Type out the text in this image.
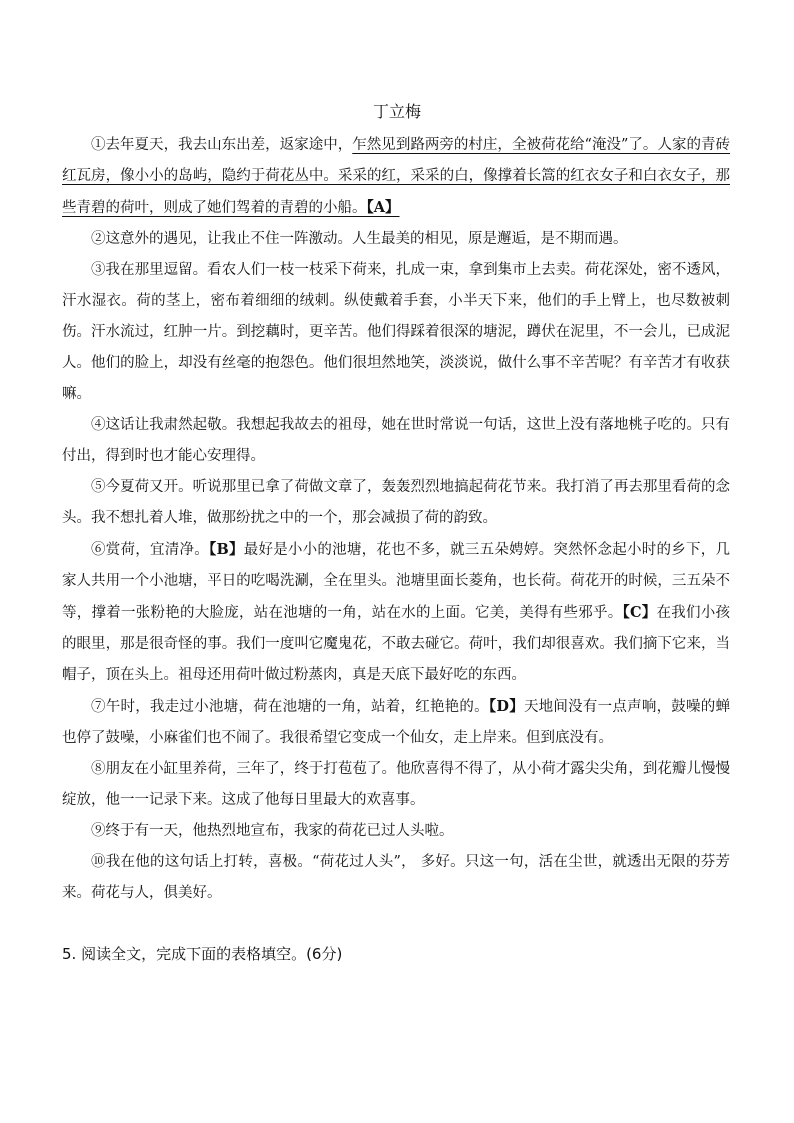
丁立梅

①去年夏天，我去山东出差，返家途中，乍然见到路两旁的村庄，全被荷花给“淹没”了。人家的青砖红瓦房，像小小的岛屿，隐约于荷花丛中。采采的红，采采的白，像撑着长篙的红衣女子和白衣女子，那些青碧的荷叶，则成了她们驾着的青碧的小船。【A】

②这意外的遇见，让我止不住一阵激动。人生最美的相见，原是邂逅，是不期而遇。

③我在那里逗留。看农人们一枝一枝采下荷来，扎成一束，拿到集市上去卖。荷花深处，密不透风，汗水湿衣。荷的茎上，密布着细细的绒刺。纵使戴着手套，小半天下来，他们的手上臂上，也尽数被刺伤。汗水流过，红肿一片。到挖藕时，更辛苦。他们得踩着很深的塘泥，蹲伏在泥里，不一会儿，已成泥人。他们的脸上，却没有丝毫的抱怨色。他们很坦然地笑，淡淡说，做什么事不辛苦呢？有辛苦才有收获嘛。

④这话让我肃然起敬。我想起我故去的祖母，她在世时常说一句话，这世上没有落地桃子吃的。只有付出，得到时也才能心安理得。

⑤今夏荷又开。听说那里已拿了荷做文章了，轰轰烈烈地搞起荷花节来。我打消了再去那里看荷的念头。我不想扎着人堆，做那纷扰之中的一个，那会减损了荷的韵致。

⑥赏荷，宜清净。【B】最好是小小的池塘，花也不多，就三五朵娉婷。突然怀念起小时的乡下，几家人共用一个小池塘，平日的吃喝洗涮，全在里头。池塘里面长菱角，也长荷。荷花开的时候，三五朵不等，撑着一张粉艳的大脸庞，站在池塘的一角，站在水的上面。它美，美得有些邪乎。【C】在我们小孩的眼里，那是很奇怪的事。我们一度叫它魔鬼花，不敢去碰它。荷叶，我们却很喜欢。我们摘下它来，当帽子，顶在头上。祖母还用荷叶做过粉蒸肉，真是天底下最好吃的东西。

⑦午时，我走过小池塘，荷在池塘的一角，站着，红艳艳的。【D】天地间没有一点声响，鼓噪的蝉也停了鼓噪，小麻雀们也不闹了。我很希望它变成一个仙女，走上岸来。但到底没有。

⑧朋友在小缸里养荷，三年了，终于打苞苞了。他欣喜得不得了，从小荷才露尖尖角，到花瓣儿慢慢绽放，他一一记录下来。这成了他每日里最大的欢喜事。

⑨终于有一天，他热烈地宣布，我家的荷花已过人头啦。

⑩我在他的这句话上打转，喜极。“荷花过人头”， 多好。只这一句，活在尘世，就透出无限的芬芳来。荷花与人，俱美好。

5. 阅读全文，完成下面的表格填空。(6分)
